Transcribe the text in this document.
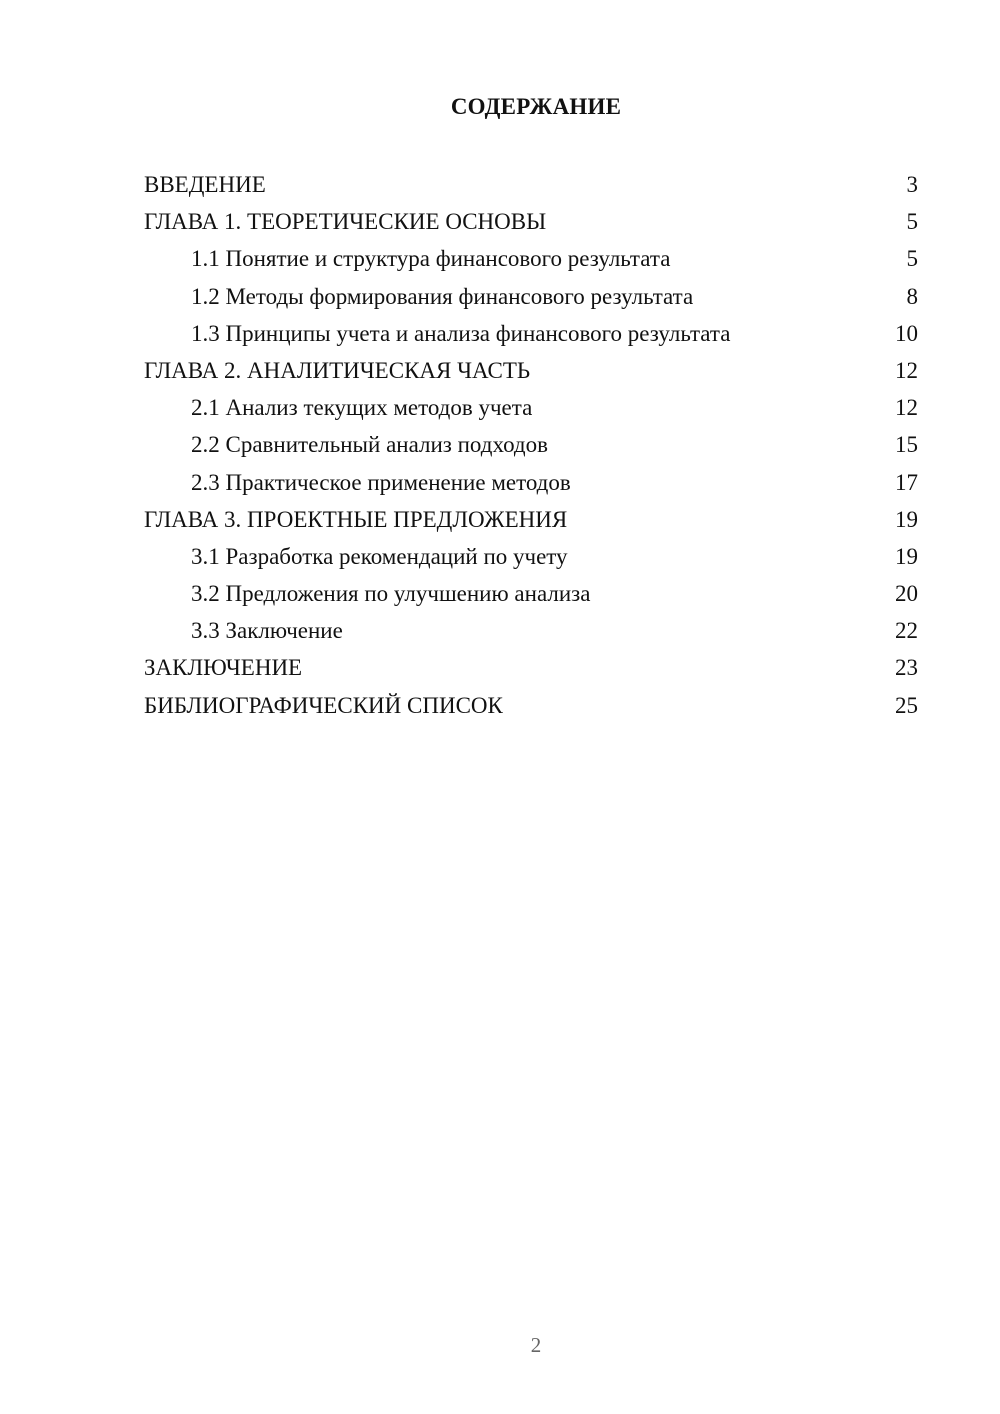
СОДЕРЖАНИЕ
ВВЕДЕНИЕ	3
ГЛАВА 1. ТЕОРЕТИЧЕСКИЕ ОСНОВЫ	5
1.1 Понятие и структура финансового результата	5
1.2 Методы формирования финансового результата	8
1.3 Принципы учета и анализа финансового результата	10
ГЛАВА 2. АНАЛИТИЧЕСКАЯ ЧАСТЬ	12
2.1 Анализ текущих методов учета	12
2.2 Сравнительный анализ подходов	15
2.3 Практическое применение методов	17
ГЛАВА 3. ПРОЕКТНЫЕ ПРЕДЛОЖЕНИЯ	19
3.1 Разработка рекомендаций по учету	19
3.2 Предложения по улучшению анализа	20
3.3 Заключение	22
ЗАКЛЮЧЕНИЕ	23
БИБЛИОГРАФИЧЕСКИЙ СПИСОК	25
2
